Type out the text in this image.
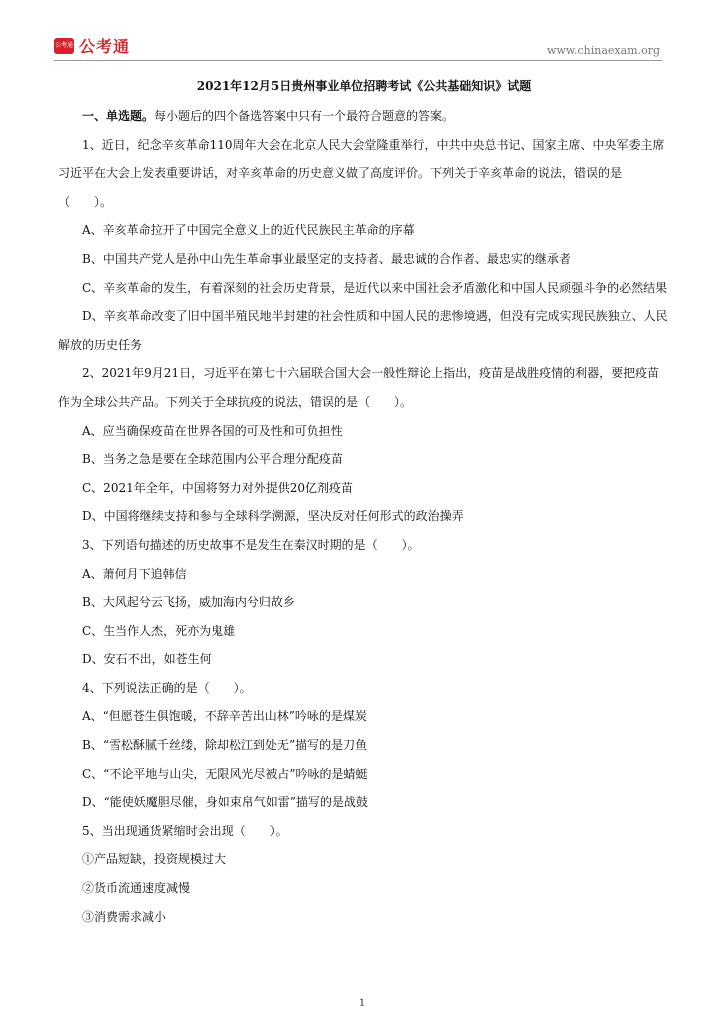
公考通 公考通	www.chinaexam.org

2021年12月5日贵州事业单位招聘考试《公共基础知识》试题

一、单选题。每小题后的四个备选答案中只有一个最符合题意的答案。

1、近日，纪念辛亥革命110周年大会在北京人民大会堂隆重举行，中共中央总书记、国家主席、中央军委主席习近平在大会上发表重要讲话，对辛亥革命的历史意义做了高度评价。下列关于辛亥革命的说法，错误的是（　　）。

A、辛亥革命拉开了中国完全意义上的近代民族民主革命的序幕

B、中国共产党人是孙中山先生革命事业最坚定的支持者、最忠诚的合作者、最忠实的继承者

C、辛亥革命的发生，有着深刻的社会历史背景，是近代以来中国社会矛盾激化和中国人民顽强斗争的必然结果

D、辛亥革命改变了旧中国半殖民地半封建的社会性质和中国人民的悲惨境遇，但没有完成实现民族独立、人民解放的历史任务

2、2021年9月21日，习近平在第七十六届联合国大会一般性辩论上指出，疫苗是战胜疫情的利器，要把疫苗作为全球公共产品。下列关于全球抗疫的说法，错误的是（　　）。

A、应当确保疫苗在世界各国的可及性和可负担性

B、当务之急是要在全球范围内公平合理分配疫苗

C、2021年全年，中国将努力对外提供20亿剂疫苗

D、中国将继续支持和参与全球科学溯源，坚决反对任何形式的政治操弄

3、下列语句描述的历史故事不是发生在秦汉时期的是（　　）。

A、萧何月下追韩信

B、大风起兮云飞扬，威加海内兮归故乡

C、生当作人杰，死亦为鬼雄

D、安石不出，如苍生何

4、下列说法正确的是（　　）。

A、“但愿苍生俱饱暖，不辞辛苦出山林”吟咏的是煤炭

B、“雪松酥腻千丝缕，除却松江到处无”描写的是刀鱼

C、“不论平地与山尖，无限风光尽被占”吟咏的是蜻蜓

D、“能使妖魔胆尽催，身如束帛气如雷”描写的是战鼓

5、当出现通货紧缩时会出现（　　）。

①产品短缺，投资规模过大

②货币流通速度减慢

③消费需求减小

1
